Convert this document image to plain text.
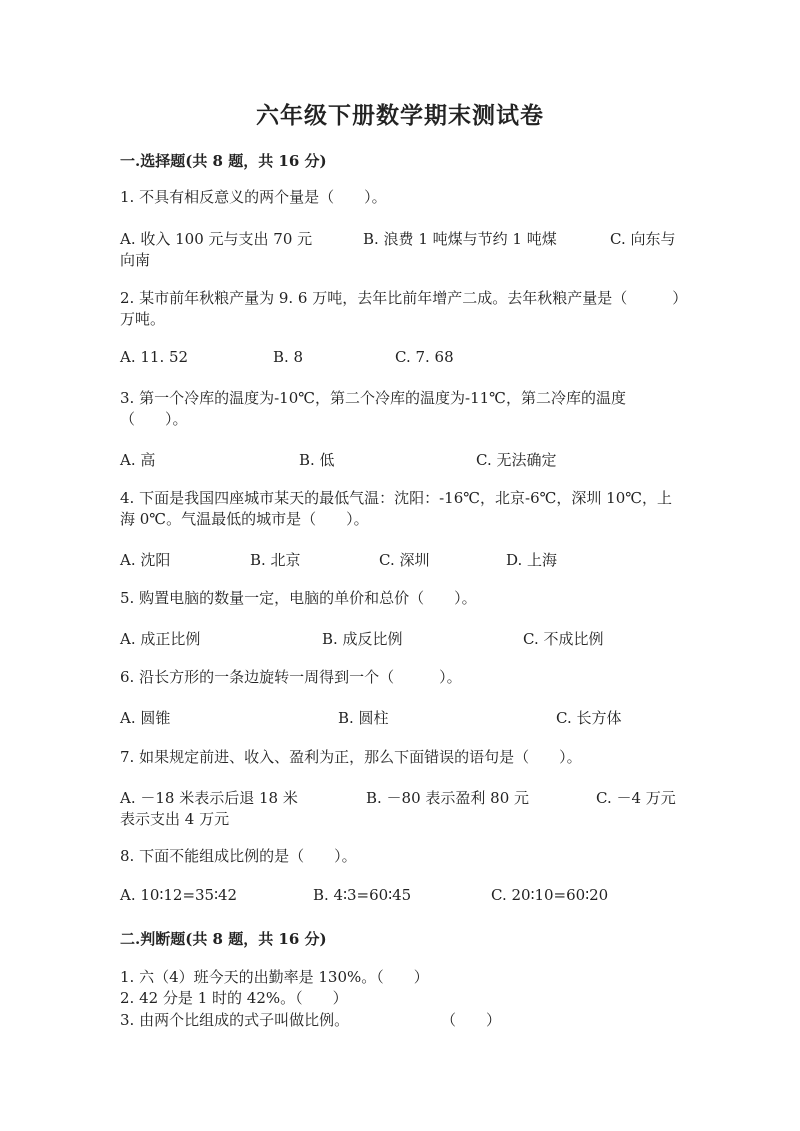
六年级下册数学期末测试卷
一.选择题(共 8 题，共 16 分)
1. 不具有相反意义的两个量是（　　）。
A. 收入 100 元与支出 70 元	B. 浪费 1 吨煤与节约 1 吨煤	C. 向东与
向南
2. 某市前年秋粮产量为 9. 6 万吨，去年比前年增产二成。去年秋粮产量是（　　　）万吨。
A. 11. 52	B. 8	C. 7. 68
3. 第一个冷库的温度为-10℃，第二个冷库的温度为-11℃，第二冷库的温度（　　）。
A. 高	B. 低	C. 无法确定
4. 下面是我国四座城市某天的最低气温：沈阳：-16℃，北京-6℃，深圳 10℃，上海 0℃。气温最低的城市是（　　）。
A. 沈阳	B. 北京	C. 深圳	D. 上海
5. 购置电脑的数量一定，电脑的单价和总价（　　）。
A. 成正比例	B. 成反比例	C. 不成比例
6. 沿长方形的一条边旋转一周得到一个（　　　）。
A. 圆锥	B. 圆柱	C. 长方体
7. 如果规定前进、收入、盈利为正，那么下面错误的语句是（　　）。
A. －18 米表示后退 18 米	B. －80 表示盈利 80 元	C. －4 万元
表示支出 4 万元
8. 下面不能组成比例的是（　　）。
A. 10∶12=35∶42	B. 4∶3=60∶45	C. 20∶10=60∶20
二.判断题(共 8 题，共 16 分)
1. 六（4）班今天的出勤率是 130%。（　　）
2. 42 分是 1 时的 42%。（　　）
3. 由两个比组成的式子叫做比例。	（　　）
